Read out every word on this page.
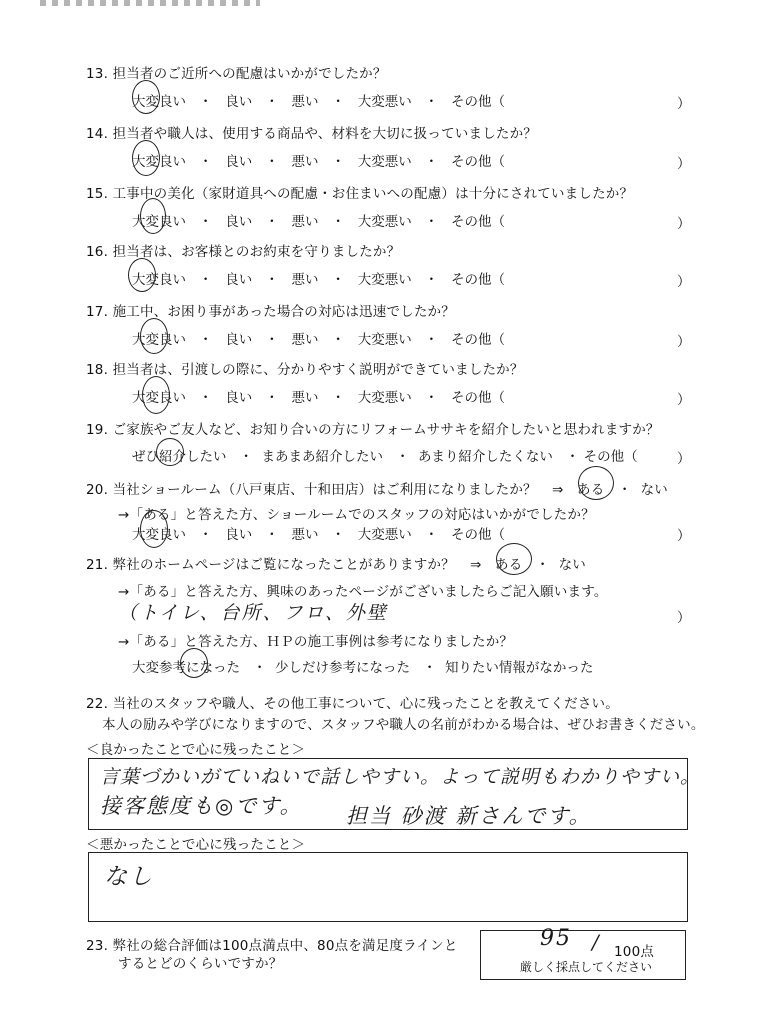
13. 担当者のご近所への配慮はいかがでしたか？
大変良い ・ 良い ・ 悪い ・ 大変悪い ・ その他（	）
14. 担当者や職人は、使用する商品や、材料を大切に扱っていましたか？
大変良い ・ 良い ・ 悪い ・ 大変悪い ・ その他（	）
15. 工事中の美化（家財道具への配慮・お住まいへの配慮）は十分にされていましたか？
大変良い ・ 良い ・ 悪い ・ 大変悪い ・ その他（	）
16. 担当者は、お客様とのお約束を守りましたか？
大変良い ・ 良い ・ 悪い ・ 大変悪い ・ その他（	）
17. 施工中、お困り事があった場合の対応は迅速でしたか？
大変良い ・ 良い ・ 悪い ・ 大変悪い ・ その他（	）
18. 担当者は、引渡しの際に、分かりやすく説明ができていましたか？
大変良い ・ 良い ・ 悪い ・ 大変悪い ・ その他（	）
19. ご家族やご友人など、お知り合いの方にリフォームササキを紹介したいと思われますか？
ぜひ紹介したい   ・  まあまあ紹介したい   ・  あまり紹介したくない   ・ その他（	）
20. 当社ショールーム（八戸東店、十和田店）はご利用になりましたか？ ⇒ ある   ・  ない
→「ある」と答えた方、ショールームでのスタッフの対応はいかがでしたか？
大変良い ・ 良い ・ 悪い ・ 大変悪い ・ その他（	）
21. 弊社のホームページはご覧になったことがありますか？ ⇒ ある   ・  ない
→「ある」と答えた方、興味のあったページがございましたらご記入願います。
（トイレ、台所、フロ、外壁	）
→「ある」と答えた方、ＨＰの施工事例は参考になりましたか？
大変参考になった   ・  少しだけ参考になった   ・  知りたい情報がなかった
22. 当社のスタッフや職人、その他工事について、心に残ったことを教えてください。
本人の励みや学びになりますので、スタッフや職人の名前がわかる場合は、ぜひお書きください。
＜良かったことで心に残ったこと＞
言葉づかいがていねいで話しやすい。よって説明もわかりやすい。
接客態度も◎です。 担当 砂渡 新さんです。
＜悪かったことで心に残ったこと＞
なし
23. 弊社の総合評価は100点満点中、80点を満足度ラインと
するとどのくらいですか？
95 / 100点
厳しく採点してください
